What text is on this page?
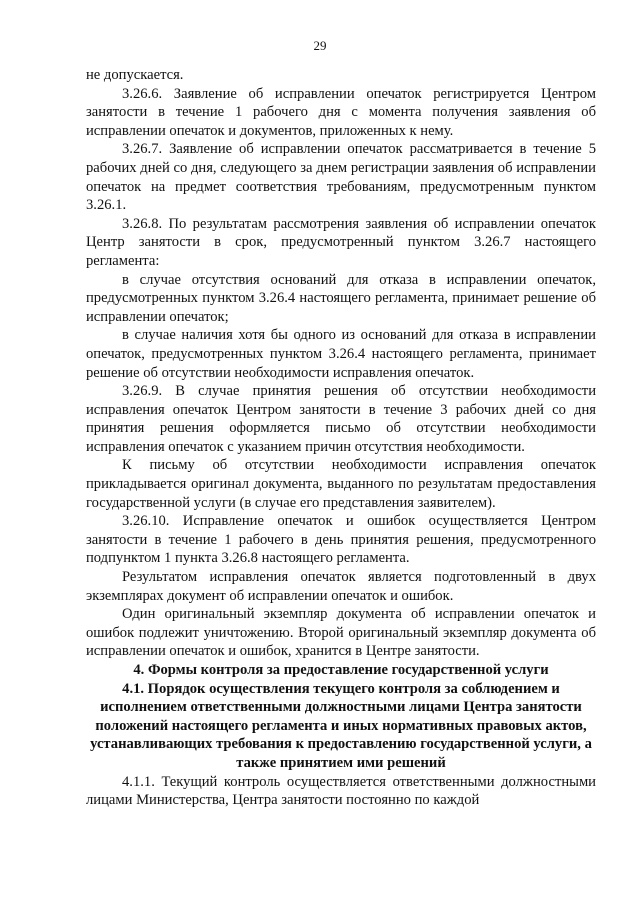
29

не допускается.

3.26.6. Заявление об исправлении опечаток регистрируется Центром занятости в течение 1 рабочего дня с момента получения заявления об исправлении опечаток и документов, приложенных к нему.

3.26.7. Заявление об исправлении опечаток рассматривается в течение 5 рабочих дней со дня, следующего за днем регистрации заявления об исправлении опечаток на предмет соответствия требованиям, предусмотренным пунктом 3.26.1.

3.26.8. По результатам рассмотрения заявления об исправлении опечаток Центр занятости в срок, предусмотренный пунктом 3.26.7 настоящего регламента:

в случае отсутствия оснований для отказа в исправлении опечаток, предусмотренных пунктом 3.26.4 настоящего регламента, принимает решение об исправлении опечаток;

в случае наличия хотя бы одного из оснований для отказа в исправлении опечаток, предусмотренных пунктом 3.26.4 настоящего регламента, принимает решение об отсутствии необходимости исправления опечаток.

3.26.9. В случае принятия решения об отсутствии необходимости исправления опечаток Центром занятости в течение 3 рабочих дней со дня принятия решения оформляется письмо об отсутствии необходимости исправления опечаток с указанием причин отсутствия необходимости.

К письму об отсутствии необходимости исправления опечаток прикладывается оригинал документа, выданного по результатам предоставления государственной услуги (в случае его представления заявителем).

3.26.10. Исправление опечаток и ошибок осуществляется Центром занятости в течение 1 рабочего в день принятия решения, предусмотренного подпунктом 1 пункта 3.26.8 настоящего регламента.

Результатом исправления опечаток является подготовленный в двух экземплярах документ об исправлении опечаток и ошибок.

Один оригинальный экземпляр документа об исправлении опечаток и ошибок подлежит уничтожению. Второй оригинальный экземпляр документа об исправлении опечаток и ошибок, хранится в Центре занятости.

4. Формы контроля за предоставление государственной услуги

4.1. Порядок осуществления текущего контроля за соблюдением и исполнением ответственными должностными лицами Центра занятости положений настоящего регламента и иных нормативных правовых актов, устанавливающих требования к предоставлению государственной услуги, а также принятием ими решений

4.1.1. Текущий контроль осуществляется ответственными должностными лицами Министерства, Центра занятости постоянно по каждой
